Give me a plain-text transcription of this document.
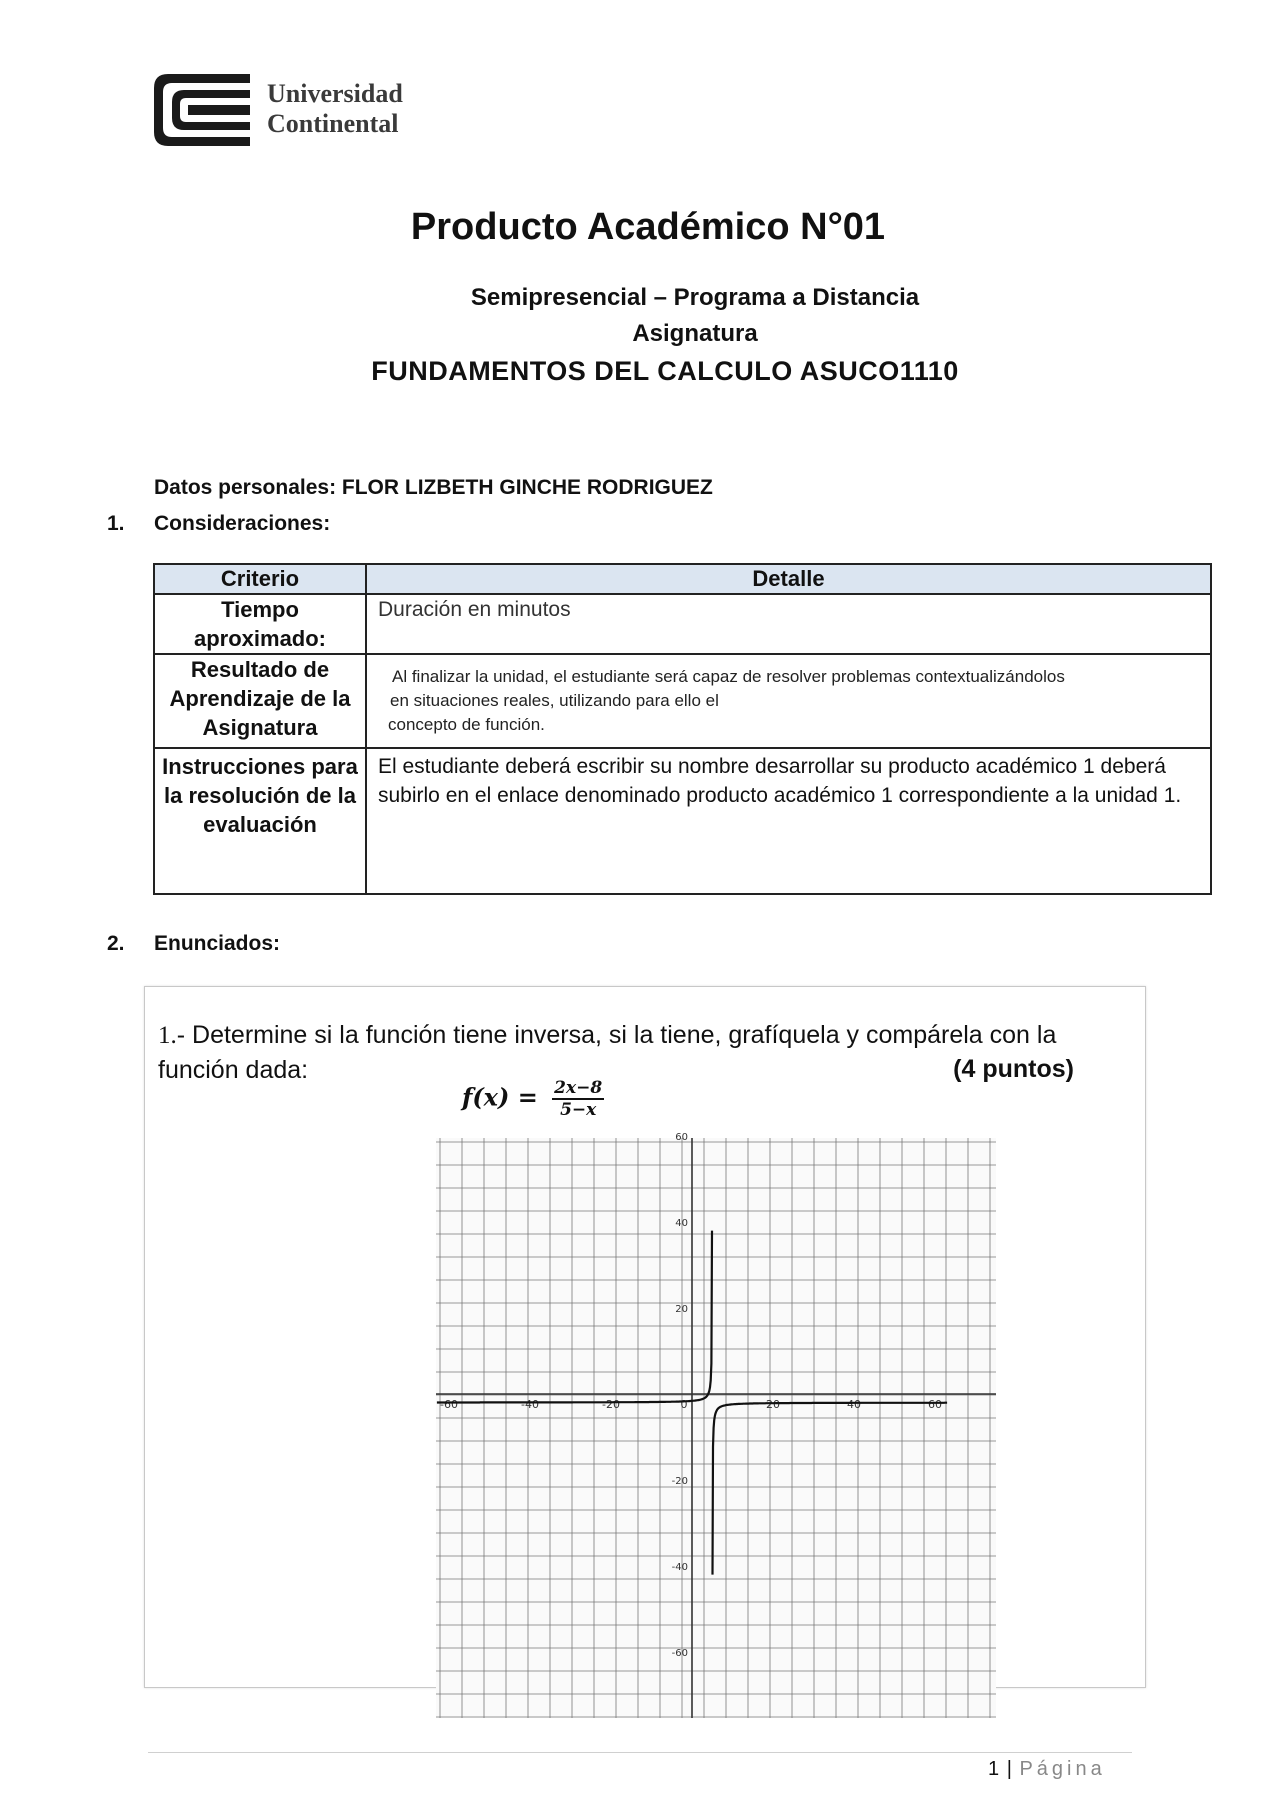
Universidad
Continental
Producto Académico N°01
Semipresencial – Programa a Distancia
Asignatura
FUNDAMENTOS DEL CALCULO ASUCO1110
Datos personales: FLOR LIZBETH GINCHE RODRIGUEZ
1. Consideraciones:
Criterio	Detalle
Tiempo aproximado:	Duración en minutos
Resultado de Aprendizaje de la Asignatura	Al finalizar la unidad, el estudiante será capaz de resolver problemas contextualizándolos
en situaciones reales, utilizando para ello el
concepto de función.

Instrucciones para la resolución de la evaluación	El estudiante deberá escribir su nombre desarrollar su producto académico 1 deberá subirlo en el enlace denominado producto académico 1 correspondiente a la unidad 1.
2. Enunciados:
1.- Determine si la función tiene inversa, si la tiene, grafíquela y compárela con la función dada:	(4 puntos)
$f(x) = \frac{2x-8}{5-x}$
-60	-40	-20	0	20	40	60
60
40
20
-20
-40
-60
1 | Página
